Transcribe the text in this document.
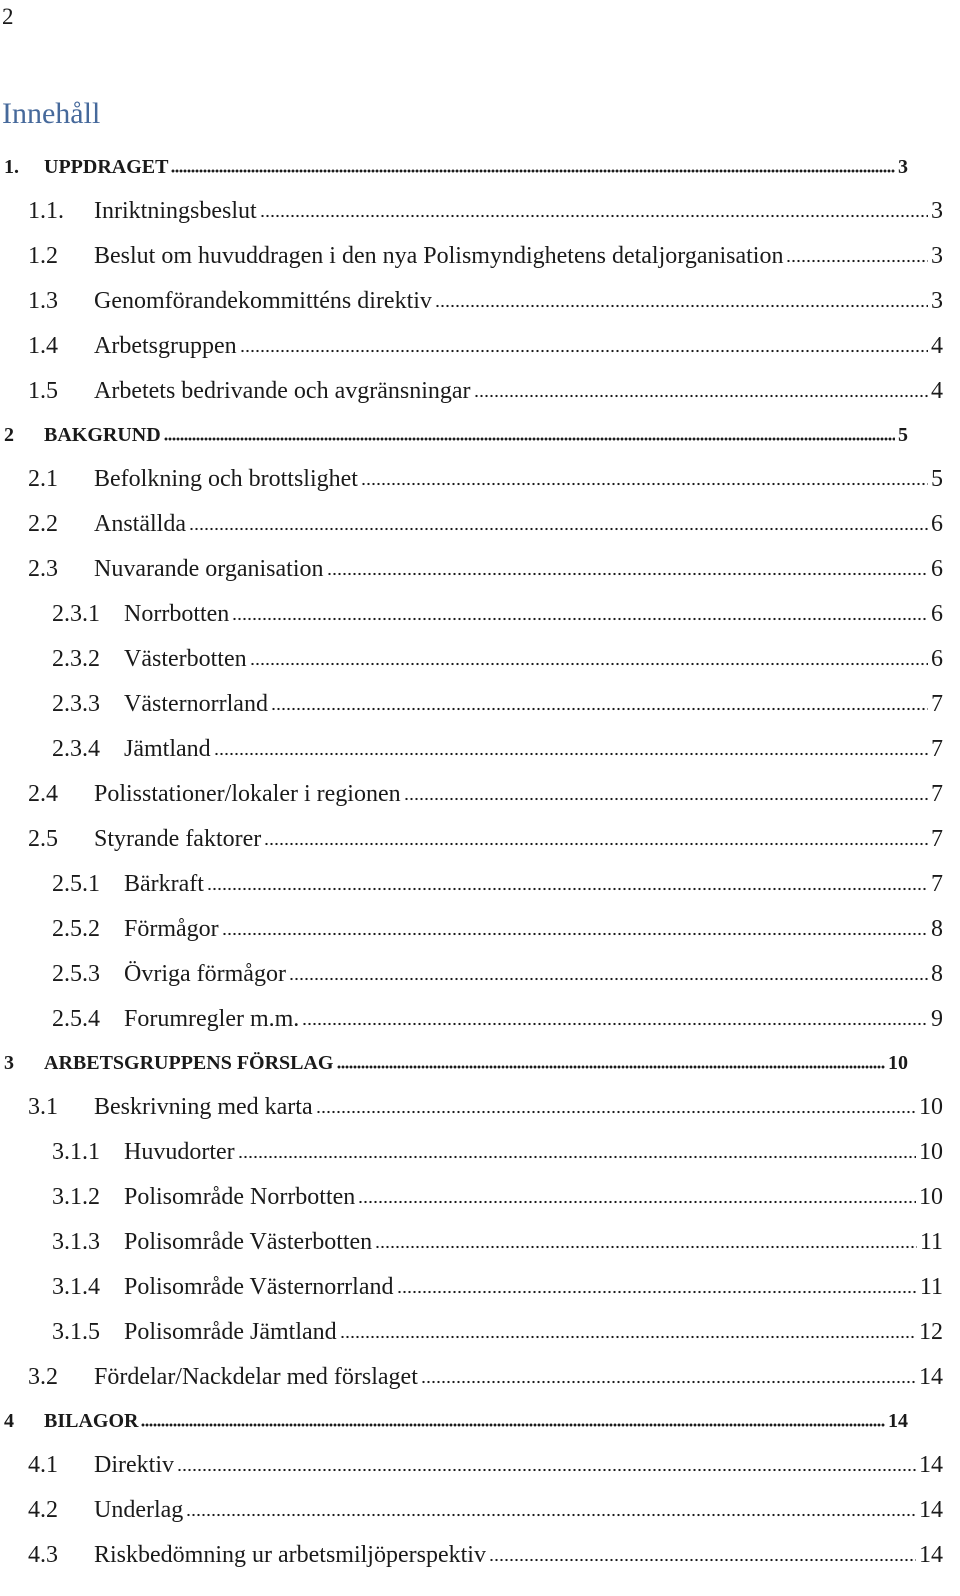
2
Innehåll
1.	UPPDRAGET	3
1.1.	Inriktningsbeslut	3
1.2	Beslut om huvuddragen i den nya Polismyndighetens detaljorganisation	3
1.3	Genomförandekommitténs direktiv	3
1.4	Arbetsgruppen	4
1.5	Arbetets bedrivande och avgränsningar	4
2	BAKGRUND	5
2.1	Befolkning och brottslighet	5
2.2	Anställda	6
2.3	Nuvarande organisation	6
2.3.1	Norrbotten	6
2.3.2	Västerbotten	6
2.3.3	Västernorrland	7
2.3.4	Jämtland	7
2.4	Polisstationer/lokaler i regionen	7
2.5	Styrande faktorer	7
2.5.1	Bärkraft	7
2.5.2	Förmågor	8
2.5.3	Övriga förmågor	8
2.5.4	Forumregler m.m.	9
3	ARBETSGRUPPENS FÖRSLAG	10
3.1	Beskrivning med karta	10
3.1.1	Huvudorter	10
3.1.2	Polisområde Norrbotten	10
3.1.3	Polisområde Västerbotten	11
3.1.4	Polisområde Västernorrland	11
3.1.5	Polisområde Jämtland	12
3.2	Fördelar/Nackdelar med förslaget	14
4	BILAGOR	14
4.1	Direktiv	14
4.2	Underlag	14
4.3	Riskbedömning ur arbetsmiljöperspektiv	14
